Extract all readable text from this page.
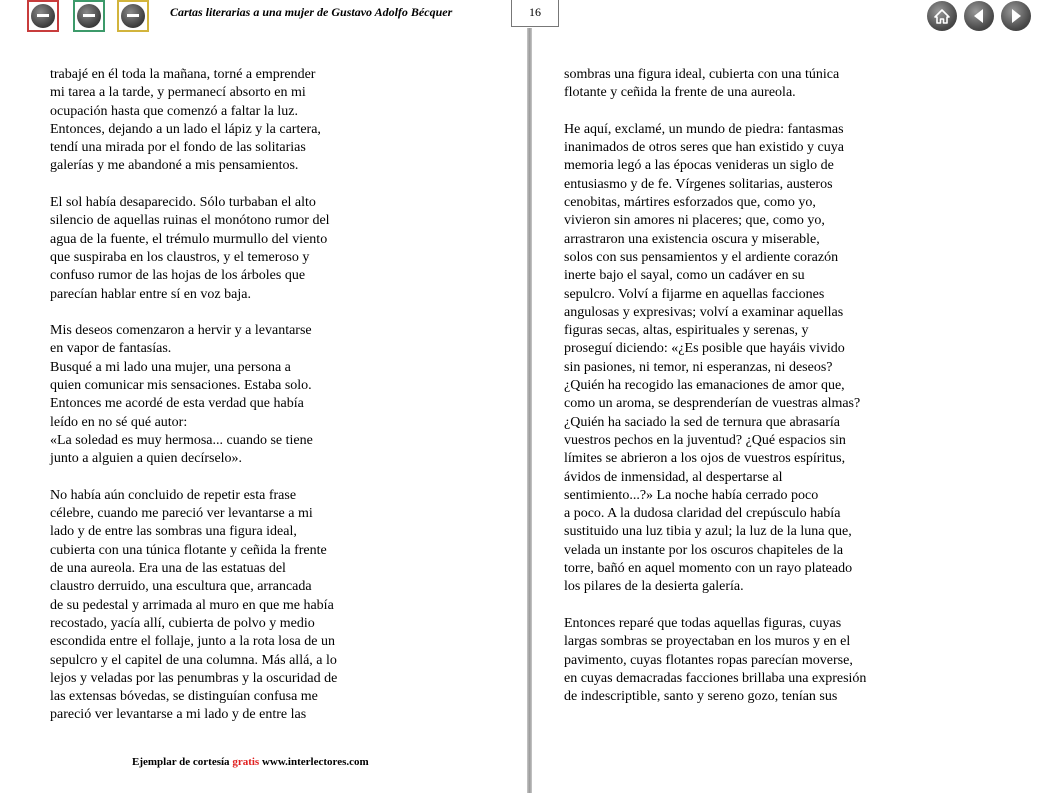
Cartas literarias a una mujer de Gustavo Adolfo Bécquer	16
trabajé en él toda la mañana, torné a emprender
mi tarea a la tarde, y permanecí absorto en mi
ocupación hasta que comenzó a faltar la luz.
Entonces, dejando a un lado el lápiz y la cartera,
tendí una mirada por el fondo de las solitarias
galerías y me abandoné a mis pensamientos.
El sol había desaparecido. Sólo turbaban el alto
silencio de aquellas ruinas el monótono rumor del
agua de la fuente, el trémulo murmullo del viento
que suspiraba en los claustros, y el temeroso y
confuso rumor de las hojas de los árboles que
parecían hablar entre sí en voz baja.
Mis deseos comenzaron a hervir y a levantarse
en vapor de fantasías.
Busqué a mi lado una mujer, una persona a
quien comunicar mis sensaciones. Estaba solo.
Entonces me acordé de esta verdad que había
leído en no sé qué autor:
«La soledad es muy hermosa... cuando se tiene
junto a alguien a quien decírselo».
No había aún concluido de repetir esta frase
célebre, cuando me pareció ver levantarse a mi
lado y de entre las sombras una figura ideal,
cubierta con una túnica flotante y ceñida la frente
de una aureola. Era una de las estatuas del
claustro derruido, una escultura que, arrancada
de su pedestal y arrimada al muro en que me había
recostado, yacía allí, cubierta de polvo y medio
escondida entre el follaje, junto a la rota losa de un
sepulcro y el capitel de una columna. Más allá, a lo
lejos y veladas por las penumbras y la oscuridad de
las extensas bóvedas, se distinguían confusa me
pareció ver levantarse a mi lado y de entre las
sombras una figura ideal, cubierta con una túnica
flotante y ceñida la frente de una aureola.
He aquí, exclamé, un mundo de piedra: fantasmas
inanimados de otros seres que han existido y cuya
memoria legó a las épocas venideras un siglo de
entusiasmo y de fe. Vírgenes solitarias, austeros
cenobitas, mártires esforzados que, como yo,
vivieron sin amores ni placeres; que, como yo,
arrastraron una existencia oscura y miserable,
solos con sus pensamientos y el ardiente corazón
inerte bajo el sayal, como un cadáver en su
sepulcro. Volví a fijarme en aquellas facciones
angulosas y expresivas; volví a examinar aquellas
figuras secas, altas, espirituales y serenas, y
proseguí diciendo: «¿Es posible que hayáis vivido
sin pasiones, ni temor, ni esperanzas, ni deseos?
¿Quién ha recogido las emanaciones de amor que,
como un aroma, se desprenderían de vuestras almas?
¿Quién ha saciado la sed de ternura que abrasaría
vuestros pechos en la juventud? ¿Qué espacios sin
límites se abrieron a los ojos de vuestros espíritus,
ávidos de inmensidad, al despertarse al
sentimiento...?» La noche había cerrado poco
a poco. A la dudosa claridad del crepúsculo había
sustituido una luz tibia y azul; la luz de la luna que,
velada un instante por los oscuros chapiteles de la
torre, bañó en aquel momento con un rayo plateado
los pilares de la desierta galería.
Entonces reparé que todas aquellas figuras, cuyas
largas sombras se proyectaban en los muros y en el
pavimento, cuyas flotantes ropas parecían moverse,
en cuyas demacradas facciones brillaba una expresión
de indescriptible, santo y sereno gozo, tenían sus
Ejemplar de cortesía gratis www.interlectores.com
